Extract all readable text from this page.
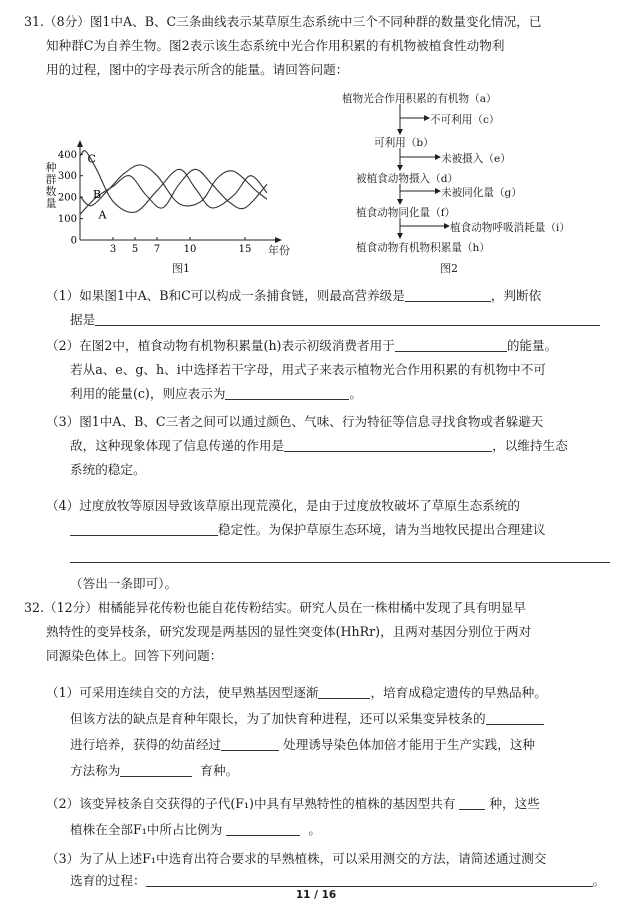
31.（8分）图1中A、B、C三条曲线表示某草原生态系统中三个不同种群的数量变化情况，已
知种群C为自养生物。图2表示该生态系统中光合作用积累的有机物被植食性动物利
用的过程，图中的字母表示所含的能量。请回答问题：
400
300
200
100
0
3 5 7 10	15
C
B
A
种
群
数
量
年份
图1
植物光合作用积累的有机物（a）
不可利用（c）
可利用（b）
未被摄入（e）
被植食动物摄入（d）
未被同化量（g）
植食动物同化量（f）
植食动物呼吸消耗量（i）
植食动物有机物积累量（h）
图2
（1）如果图1中A、B和C可以构成一条捕食链，则最高营养级是	，判断依
据是
（2）在图2中，植食动物有机物积累量(h)表示初级消费者用于	的能量。
若从a、e、g、h、i中选择若干字母，用式子来表示植物光合作用积累的有机物中不可
利用的能量(c)，则应表示为	。
（3）图1中A、B、C三者之间可以通过颜色、气味、行为特征等信息寻找食物或者躲避天
敌，这种现象体现了信息传递的作用是	，以维持生态
系统的稳定。
（4）过度放牧等原因导致该草原出现荒漠化，是由于过度放牧破坏了草原生态系统的
稳定性。为保护草原生态环境，请为当地牧民提出合理建议
（答出一条即可）。
32.（12分）柑橘能异花传粉也能自花传粉结实。研究人员在一株柑橘中发现了具有明显早
熟特性的变异枝条，研究发现是两基因的显性突变体(HhRr)，且两对基因分别位于两对
同源染色体上。回答下列问题：
（1）可采用连续自交的方法，使早熟基因型逐渐	，培育成稳定遗传的早熟品种。
但该方法的缺点是育种年限长，为了加快育种进程，还可以采集变异枝条的
进行培养，获得的幼苗经过	处理诱导染色体加倍才能用于生产实践，这种
方法称为	育种。
（2）该变异枝条自交获得的子代(F₁)中具有早熟特性的植株的基因型共有	种，这些
植株在全部F₁中所占比例为	。
（3）为了从上述F₁中选育出符合要求的早熟植株，可以采用测交的方法，请简述通过测交
选育的过程：	。
11 / 16
